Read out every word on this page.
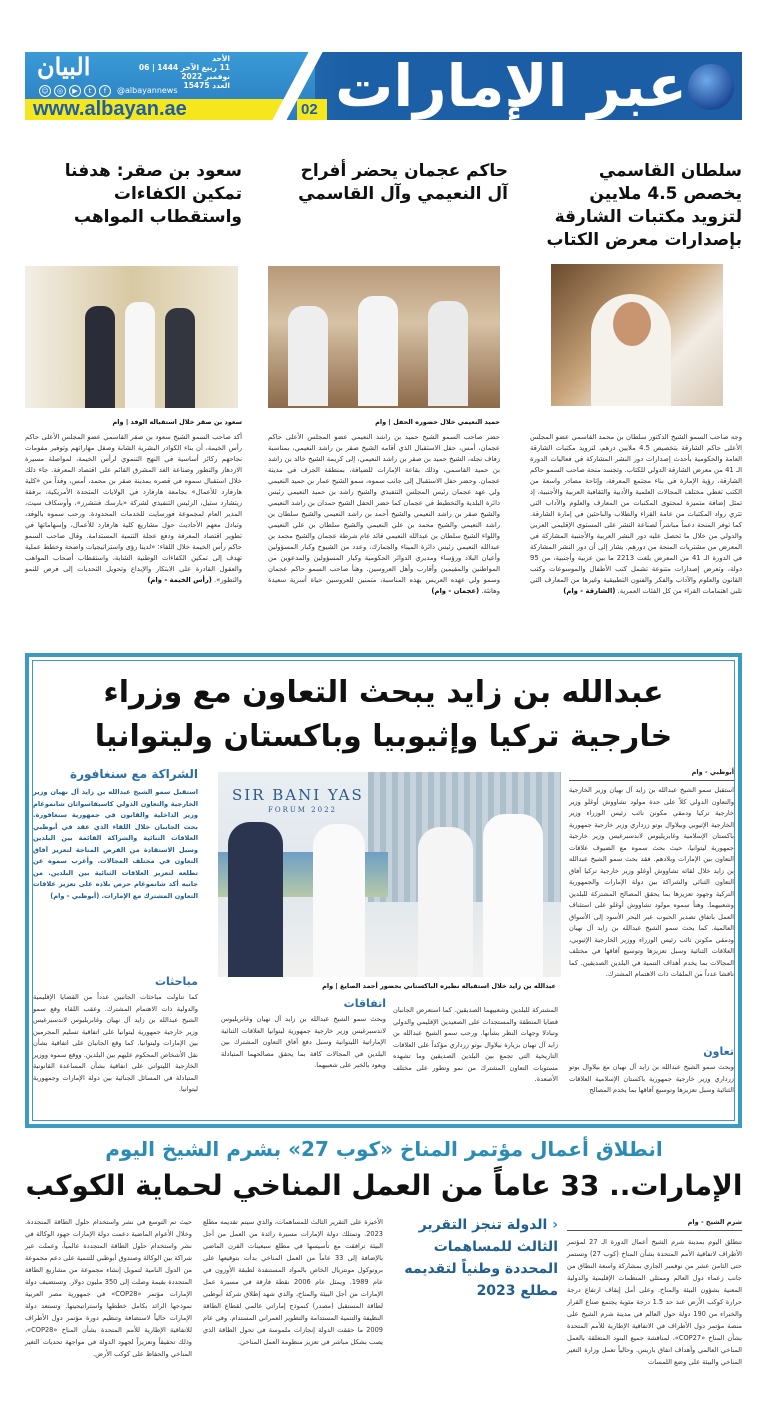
البيان	الأحد
11 ربيع الآخر 1444 | 06 نوفمبر 2022
العدد 15475
☺	◎	▶	t	f	@albayannews
www.albayan.ae	02 عبر الإمارات
سلطان القاسمي يخصص 4.5 ملايين لتزويد مكتبات الشارقة بإصدارات معرض الكتاب
حاكم عجمان يحضر أفراح آل النعيمي وآل القاسمي
سعود بن صقر: هدفنا تمكين الكفاءات واستقطاب المواهب
حميد النعيمي خلال حضوره الحفل | وام
سعود بن صقر خلال استقباله الوفد | وام
وجه صاحب السمو الشيخ الدكتور سلطان بن محمد القاسمي عضو المجلس الأعلى حاكم الشارقة بتخصيص 4.5 ملايين درهم، لتزويد مكتبات الشارقة العامة والحكومية بأحدث إصدارات دور النشر المشاركة في فعاليات الدورة الـ 41 من معرض الشارقة الدولي للكتاب. وتجسد منحة صاحب السمو حاكم الشارقة، رؤية الإمارة في بناء مجتمع المعرفة، وإتاحة مصادر واسعة من الكتب تغطي مختلف المجالات العلمية والأدبية والثقافية العربية والأجنبية، إذ تمثل إضافة متميزة لمحتوى المكتبات من المعارف والعلوم والآداب التي تثري رواد المكتبات من عامة القراء والطلاب والباحثين في إمارة الشارقة. كما توفر المنحة دعماً مباشراً لصناعة النشر على المستوى الإقليمي العربي والدولي من خلال ما تحصل عليه دور النشر العربية والأجنبية المشاركة في المعرض من مشتريات المنحة من دورهم. يشار إلى أن دور النشر المشاركة في الدورة الـ 41 من المعرض بلغت 2213 ما بين عربية وأجنبية، من 95 دولة، وتعرض إصدارات متنوعة تشمل كتب الأطفال والموسوعات وكتب القانون والعلوم والآداب والفكر والفنون التطبيقية وغيرها من المعارف التي تلبي اهتمامات القراء من كل الفئات العمرية. (الشارقة - وام)
حضر صاحب السمو الشيخ حميد بن راشد النعيمي عضو المجلس الأعلى حاكم عجمان، أمس، حفل الاستقبال الذي أقامه الشيخ صقر بن راشد النعيمي، بمناسبة زفاف نجله، الشيخ حميد بن صقر بن راشد النعيمي، إلى كريمة الشيخ خالد بن راشد بن حميد القاسمي، وذلك بقاعة الإمارات للضيافة، بمنطقة الجرف في مدينة عجمان. وحضر حفل الاستقبال إلى جانب سموه، سمو الشيخ عمار بن حميد النعيمي ولي عهد عجمان رئيس المجلس التنفيذي والشيخ راشد بن حميد النعيمي رئيس دائرة البلدية والتخطيط في عجمان كما حضر الحفل الشيخ حمدان بن راشد النعيمي والشيخ صقر بن راشد النعيمي والشيخ أحمد بن راشد النعيمي والشيخ سلطان بن راشد النعيمي والشيخ محمد بن علي النعيمي والشيخ سلطان بن علي النعيمي واللواء الشيخ سلطان بن عبدالله النعيمي قائد عام شرطة عجمان والشيخ محمد بن عبدالله النعيمي رئيس دائرة الميناء والجمارك، وعدد من الشيوخ وكبار المسؤولين وأعيان البلاد ورؤساء ومديري الدوائر الحكومية وكبار المسؤولين والمدعوين من المواطنين والمقيمين وأقارب وأهل العروسين. وهنأ صاحب السمو حاكم عجمان وسمو ولي عهده العريس بهذه المناسبة، متمنين للعروسين حياة أسرية سعيدة وهانئة. (عجمان - وام)
أكد صاحب السمو الشيخ سعود بن صقر القاسمي عضو المجلس الأعلى حاكم رأس الخيمة، أن بناء الكوادر البشرية الشابة وصقل مهاراتهم وتوفير مقومات نجاحهم ركائز أساسية في النهج التنموي لرأس الخيمة، لمواصلة مسيرة الازدهار والتطور وصناعة الغد المشرق القائم على اقتصاد المعرفة. جاء ذلك خلال استقبال سموه في قصره بمدينة صقر بن محمد، أمس، وفداً من «كلية هارفارد للأعمال» بجامعة هارفارد في الولايات المتحدة الأمريكية، برفقة ريتشارد ستيل، الرئيس التنفيذي لشركة «بارسك فنتشرز»، وأوسكاف سيث، المدير العام لمجموعة فورسايت للخدمات المحدودة. ورحب سموه بالوفد، وتبادل معهم الأحاديث حول مشاريع كلية هارفارد للأعمال، وإسهاماتها في تطوير اقتصاد المعرفة ودفع عجلة التنمية المستدامة. وقال صاحب السمو حاكم رأس الخيمة خلال اللقاء: «لدينا رؤى واستراتيجيات واضحة وخطط عملية تهدف إلى تمكين الكفاءات الوطنية الشابة، واستقطاب أصحاب المواهب والعقول القادرة على الابتكار والإبداع وتحويل التحديات إلى فرص للنمو والتطور». (رأس الخيمة - وام)
عبدالله بن زايد يبحث التعاون مع وزراء
خارجية تركيا وإثيوبيا وباكستان وليتوانيا
أبوظبي - وام
استقبل سمو الشيخ عبدالله بن زايد آل نهيان وزير الخارجية والتعاون الدولي كلاً على حدة مولود تشاووش أوغلو وزير خارجية تركيا ودمقي مكونن نائب رئيس الوزراء وزير الخارجية الإثيوبي وبيلاوال بوتو زرداري وزير خارجية جمهورية باكستان الإسلامية وغابريليوس لاندسبرغيس وزير خارجية جمهورية ليتوانيا، حيث بحث سموه مع الضيوف علاقات التعاون بين الإمارات وبلادهم. فقد بحث سمو الشيخ عبدالله بن زايد خلال لقائه تشاووش أوغلو وزير خارجية تركيا آفاق التعاون الثنائي والشراكة بين دولة الإمارات والجمهورية التركية وجهود تعزيزها بما يحقق المصالح المشتركة للبلدين وشعبيهما. وهنأ سموه مولود تشاووش أوغلو على استئناف العمل باتفاق تصدير الحبوب عبر البحر الأسود إلى الأسواق العالمية. كما بحث سمو الشيخ عبدالله بن زايد آل نهيان ودمقي مكونن نائب رئيس الوزراء ووزير الخارجية الإثيوبي، العلاقات الثنائية وسبل تعزيزها وتوسيع آفاقها في مختلف المجالات بما يخدم أهداف التنمية في البلدين الصديقين. كما ناقشا عدداً من الملفات ذات الاهتمام المشترك.
تعاون
وبحث سمو الشيخ عبدالله بن زايد آل نهيان مع بيلاوال بوتو زرداري وزير خارجية جمهورية باكستان الإسلامية العلاقات الثنائية وسبل تعزيزها وتوسيع آفاقها بما يخدم المصالح
SIR BANI YAS
FORUM 2022
عبدالله بن زايد خلال استقباله نظيره الباكستاني بحضور أحمد الصايغ | وام
المشتركة للبلدين وشعبيهما الصديقين. كما استعرض الجانبان قضايا المنطقة والمستجدات على الصعيدين الإقليمي والدولي وتبادلا وجهات النظر بشأنها. ورحب سمو الشيخ عبدالله بن زايد آل نهيان بزيارة بيلاوال بوتو زرداري مؤكداً على العلاقات التاريخية التي تجمع بين البلدين الصديقين وما تشهده مستويات التعاون المشترك من نمو وتطور على مختلف الأصعدة.
اتفاقات
وبحث سمو الشيخ عبدالله بن زايد آل نهيان وغابريليوس لاندسبرغيس وزير خارجية جمهورية ليتوانيا العلاقات الثنائية الإماراتية الليتوانية وسبل دفع آفاق التعاون المشترك بين البلدين في المجالات كافة بما يحقق مصالحهما المتبادلة ويعود بالخير على شعبيهما.
الشراكة مع سنغافورة
استقبل سمو الشيخ عبدالله بن زايد آل نهيان وزير الخارجية والتعاون الدولي كاسيفاسواثان شانموغام وزير الداخلية والقانون في جمهورية سنغافورة. بحث الجانبان خلال اللقاء الذي عقد في أبوظبي العلاقات الثنائية والشراكة القائمة بين البلدين وسبل الاستفادة من الفرص المتاحة لتعزيز آفاق التعاون في مختلف المجالات. وأعرب سموه عن تطلعه لتعزيز العلاقات الثنائية بين البلدين. من جانبه أكد شانموغام حرص بلاده على تعزيز علاقات التعاون المشترك مع الإمارات. (أبوظبي - وام)
مباحثات
كما تناولت مباحثات الجانبين عدداً من القضايا الإقليمية والدولية ذات الاهتمام المشترك. وعقب اللقاء وقع سمو الشيخ عبدالله بن زايد آل نهيان وغابريليوس لاندسبرغيس وزير خارجية جمهورية ليتوانيا على اتفاقية تسليم المجرمين بين الإمارات وليتوانيا. كما وقع الجانبان على اتفاقية بشأن نقل الأشخاص المحكوم عليهم بين البلدين. ووقع سموه ووزير الخارجية الليتواني على اتفاقية بشأن المساعدة القانونية المتبادلة في المسائل الجنائية بين دولة الإمارات وجمهورية ليتوانيا.
انطلاق أعمال مؤتمر المناخ «كوب 27» بشرم الشيخ اليوم
الإمارات.. 33 عاماً من العمل المناخي لحماية الكوكب
شرم الشيخ - وام
تنطلق اليوم بمدينة شرم الشيخ أعمال الدورة الـ 27 لمؤتمر الأطراف لاتفاقية الأمم المتحدة بشأن المناخ (كوب 27) وتستمر حتى الثامن عشر من نوفمبر الجاري بمشاركة واسعة النطاق من جانب زعماء دول العالم وممثلي المنظمات الإقليمية والدولية المعنية بشؤون البيئة والمناخ. وعلى أمل إيقاف ارتفاع درجة حرارة كوكب الأرض عند حد 1.5 درجة مئوية يجتمع صناع القرار والخبراء من 190 دولة حول العالم في مدينة شرم الشيخ على منصة مؤتمر دول الأطراف في الاتفاقية الإطارية للأمم المتحدة بشأن المناخ «COP27»، لمناقشة جميع البنود المتعلقة بالعمل المناخي العالمي وأهداف اتفاق باريس. وحالياً تعمل وزارة التغير المناخي والبيئة على وضع اللمسات
‹ الدولة تنجز التقرير الثالث للمساهمات المحددة وطنياً لتقديمه مطلع 2023
الأخيرة على التقرير الثالث للمساهمات، والذي سيتم تقديمه مطلع 2023. وتمتلك دولة الإمارات مسيرة رائدة من العمل من أجل البيئة ترافقت مع تأسيسها في مطلع سبعينات القرن الماضي بالإضافة إلى 33 عاماً من العمل المناخي بدأت بتوقيعها على بروتوكول مونتريال الخاص بالمواد المستنفدة لطبقة الأوزون في عام 1989. ويمثل عام 2006 نقطة فارقة في مسيرة عمل الإمارات من أجل البيئة والمناخ، والذي شهد إطلاق شركة أبوظبي لطاقة المستقبل (مصدر) كنموذج إماراتي عالمي لقطاع الطاقة النظيفة والتنمية المستدامة والتطوير العمراني المستدام. وفي عام 2009 ما حققت الدولة إنجازات ملموسة في تحول الطاقة الذي يصب بشكل مباشر في تعزيز منظومة العمل المناخي.
حيث تم التوسع في نشر واستخدام حلول الطاقة المتجددة. وخلال الأعوام الماضية دعمت دولة الإمارات جهود الوكالة في نشر واستخدام حلول الطاقة المتجددة عالمياً، وعملت عبر شراكة بين الوكالة وصندوق أبوظبي للتنمية على دعم مجموعة من الدول النامية لتمويل إنشاء مجموعة من مشاريع الطاقة المتجددة بقيمة وصلت إلى 350 مليون دولار. وتستضيف دولة الإمارات مؤتمر «COP28» في جمهورية مصر العربية نموذجها الرائد بكامل خططها واستراتيجيتها. وتستعد دولة الإمارات حالياً لاستضافة وتنظيم دورة مؤتمر دول الأطراف للاتفاقية الإطارية للأمم المتحدة بشأن المناخ «COP28»، وذلك تحقيقاً وتعزيزاً لجهود الدولة في مواجهة تحديات التغير المناخي والحفاظ على كوكب الأرض.
